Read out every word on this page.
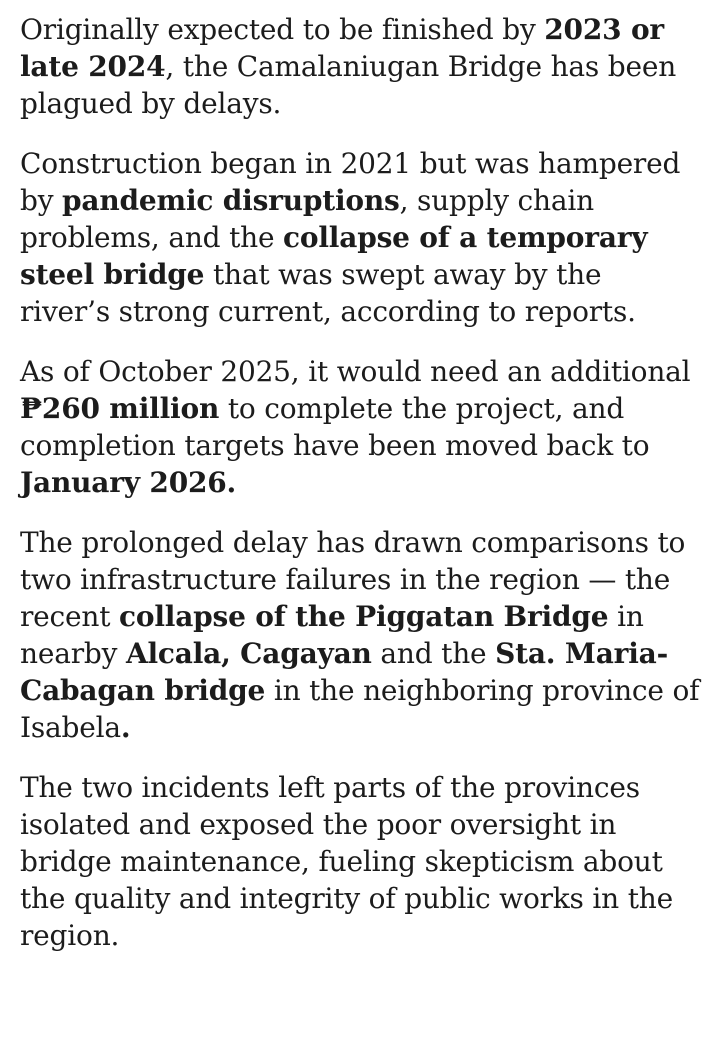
Originally expected to be finished by 2023 or late 2024, the Camalaniugan Bridge has been plagued by delays.

Construction began in 2021 but was hampered by pandemic disruptions, supply chain problems, and the collapse of a temporary steel bridge that was swept away by the river’s strong current, according to reports.

As of October 2025, it would need an additional ₱260 million to complete the project, and completion targets have been moved back to January 2026.

The prolonged delay has drawn comparisons to two infrastructure failures in the region — the recent collapse of the Piggatan Bridge in nearby Alcala, Cagayan and the Sta. Maria-Cabagan bridge in the neighboring province of Isabela.

The two incidents left parts of the provinces isolated and exposed the poor oversight in bridge maintenance, fueling skepticism about the quality and integrity of public works in the region.
